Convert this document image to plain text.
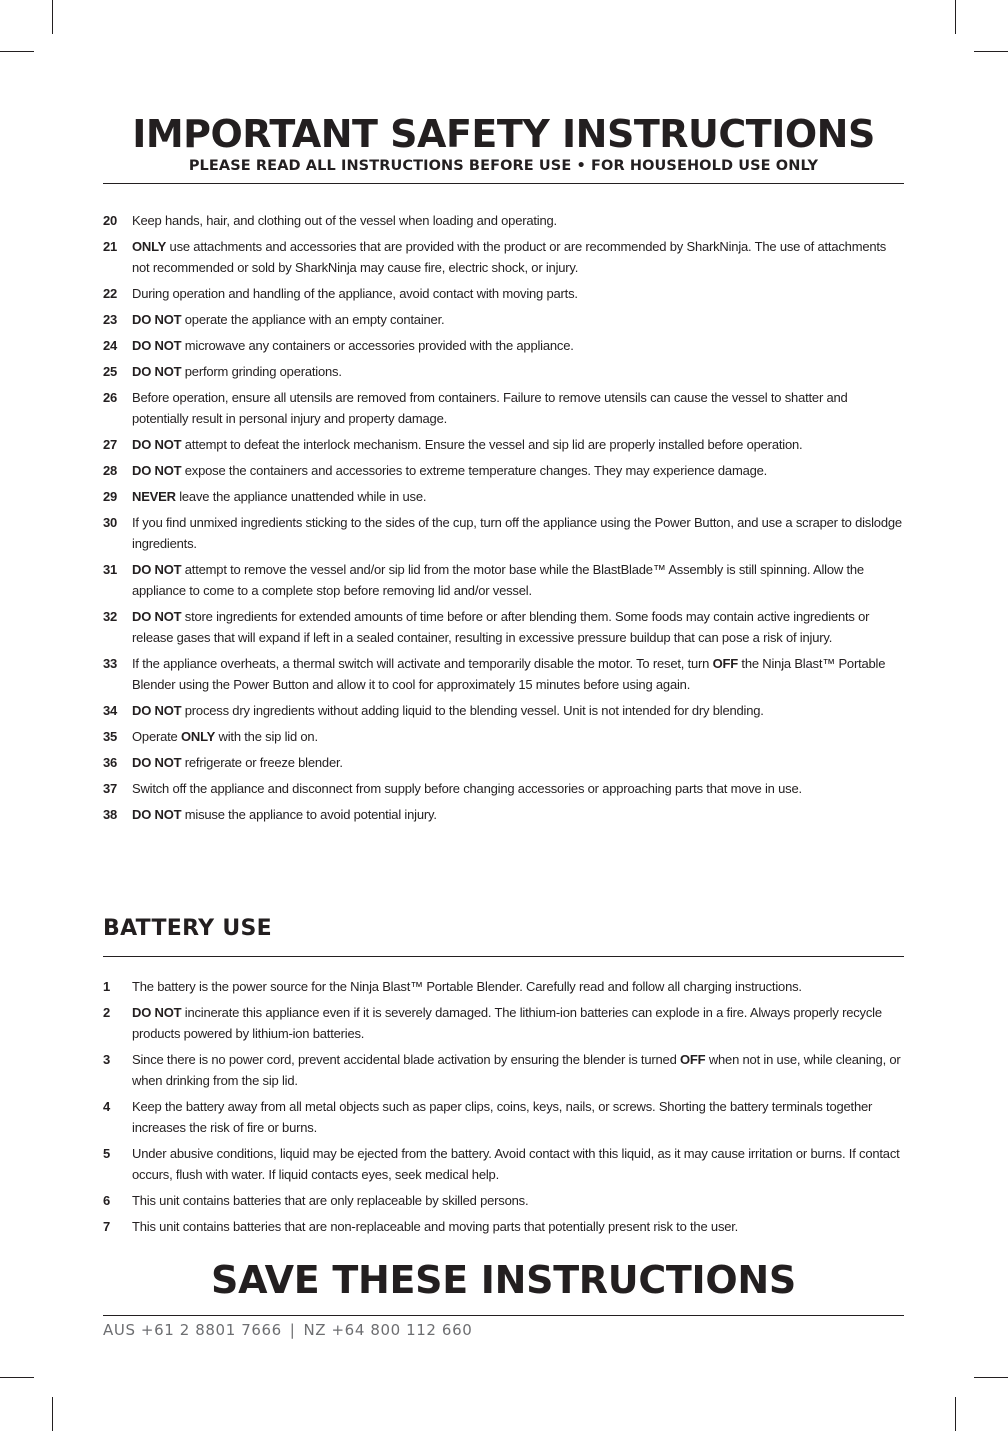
IMPORTANT SAFETY INSTRUCTIONS

PLEASE READ ALL INSTRUCTIONS BEFORE USE • FOR HOUSEHOLD USE ONLY

20	Keep hands, hair, and clothing out of the vessel when loading and operating.
21	ONLY use attachments and accessories that are provided with the product or are recommended by SharkNinja. The use of attachments not recommended or sold by SharkNinja may cause fire, electric shock, or injury.
22	During operation and handling of the appliance, avoid contact with moving parts.
23	DO NOT operate the appliance with an empty container.
24	DO NOT microwave any containers or accessories provided with the appliance.
25	DO NOT perform grinding operations.
26	Before operation, ensure all utensils are removed from containers. Failure to remove utensils can cause the vessel to shatter and potentially result in personal injury and property damage.
27	DO NOT attempt to defeat the interlock mechanism. Ensure the vessel and sip lid are properly installed before operation.
28	DO NOT expose the containers and accessories to extreme temperature changes. They may experience damage.
29	NEVER leave the appliance unattended while in use.
30	If you find unmixed ingredients sticking to the sides of the cup, turn off the appliance using the Power Button, and use a scraper to dislodge ingredients.
31	DO NOT attempt to remove the vessel and/or sip lid from the motor base while the BlastBlade™ Assembly is still spinning. Allow the appliance to come to a complete stop before removing lid and/or vessel.
32	DO NOT store ingredients for extended amounts of time before or after blending them. Some foods may contain active ingredients or release gases that will expand if left in a sealed container, resulting in excessive pressure buildup that can pose a risk of injury.
33	If the appliance overheats, a thermal switch will activate and temporarily disable the motor. To reset, turn OFF the Ninja Blast™ Portable Blender using the Power Button and allow it to cool for approximately 15 minutes before using again.
34	DO NOT process dry ingredients without adding liquid to the blending vessel. Unit is not intended for dry blending.
35	Operate ONLY with the sip lid on.
36	DO NOT refrigerate or freeze blender.
37	Switch off the appliance and disconnect from supply before changing accessories or approaching parts that move in use.
38	DO NOT misuse the appliance to avoid potential injury.
BATTERY USE
1	The battery is the power source for the Ninja Blast™ Portable Blender. Carefully read and follow all charging instructions.
2	DO NOT incinerate this appliance even if it is severely damaged. The lithium-ion batteries can explode in a fire. Always properly recycle products powered by lithium-ion batteries.
3	Since there is no power cord, prevent accidental blade activation by ensuring the blender is turned OFF when not in use, while cleaning, or when drinking from the sip lid.
4	Keep the battery away from all metal objects such as paper clips, coins, keys, nails, or screws. Shorting the battery terminals together increases the risk of fire or burns.
5	Under abusive conditions, liquid may be ejected from the battery. Avoid contact with this liquid, as it may cause irritation or burns. If contact occurs, flush with water. If liquid contacts eyes, seek medical help.
6	This unit contains batteries that are only replaceable by skilled persons.
7	This unit contains batteries that are non-replaceable and moving parts that potentially present risk to the user.
SAVE THESE INSTRUCTIONS
AUS +61 2 8801 7666 | NZ +64 800 112 660
